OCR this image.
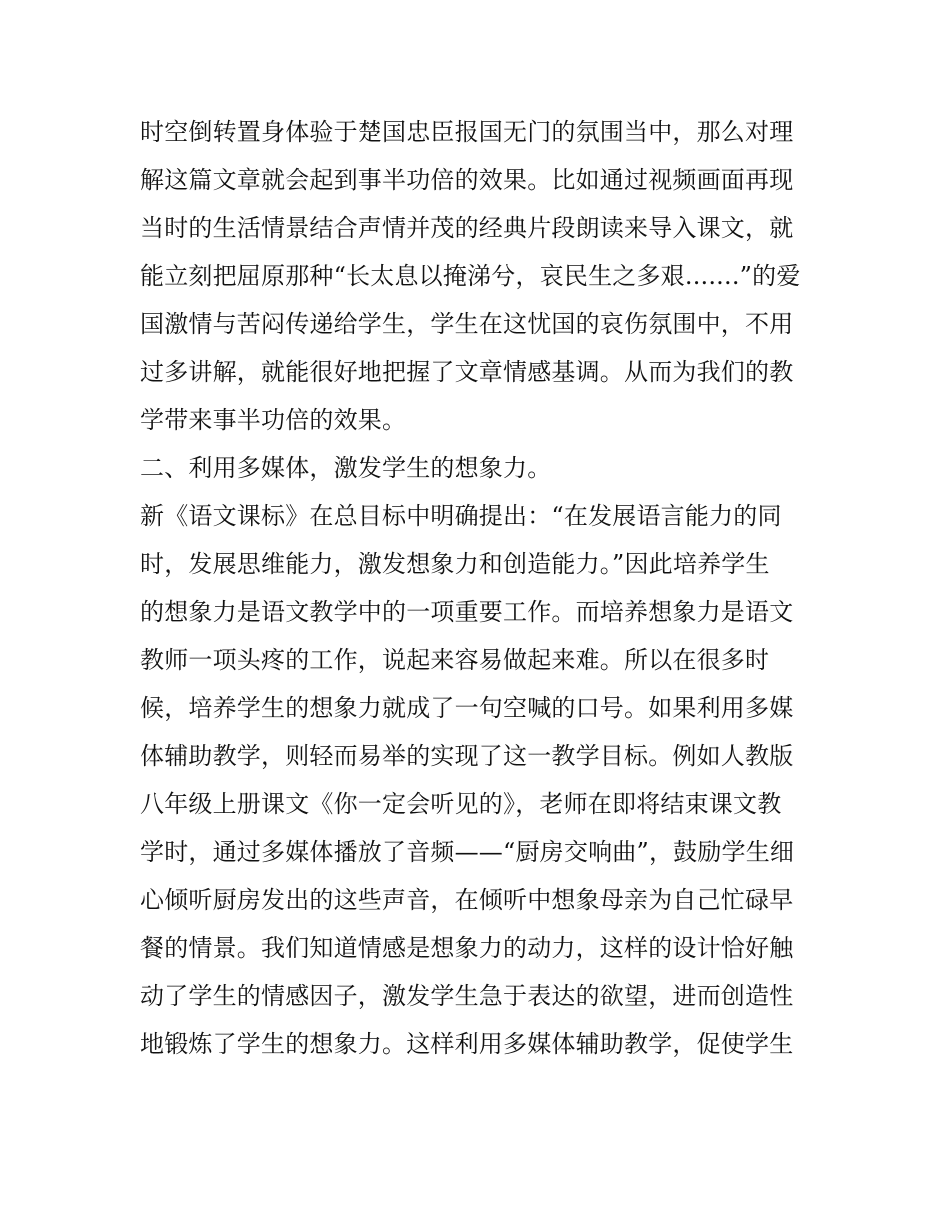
时空倒转置身体验于楚国忠臣报国无门的氛围当中，那么对理
解这篇文章就会起到事半功倍的效果。比如通过视频画面再现
当时的生活情景结合声情并茂的经典片段朗读来导入课文，就
能立刻把屈原那种“长太息以掩涕兮，哀民生之多艰.......”的爱
国激情与苦闷传递给学生，学生在这忧国的哀伤氛围中，不用
过多讲解，就能很好地把握了文章情感基调。从而为我们的教
学带来事半功倍的效果。
二、利用多媒体，激发学生的想象力。
新《语文课标》在总目标中明确提出：“在发展语言能力的同
时，发展思维能力，激发想象力和创造能力。”因此培养学生
的想象力是语文教学中的一项重要工作。而培养想象力是语文
教师一项头疼的工作，说起来容易做起来难。所以在很多时
候，培养学生的想象力就成了一句空喊的口号。如果利用多媒
体辅助教学，则轻而易举的实现了这一教学目标。例如人教版
八年级上册课文《你一定会听见的》，老师在即将结束课文教
学时，通过多媒体播放了音频——“厨房交响曲”，鼓励学生细
心倾听厨房发出的这些声音，在倾听中想象母亲为自己忙碌早
餐的情景。我们知道情感是想象力的动力，这样的设计恰好触
动了学生的情感因子，激发学生急于表达的欲望，进而创造性
地锻炼了学生的想象力。这样利用多媒体辅助教学，促使学生
